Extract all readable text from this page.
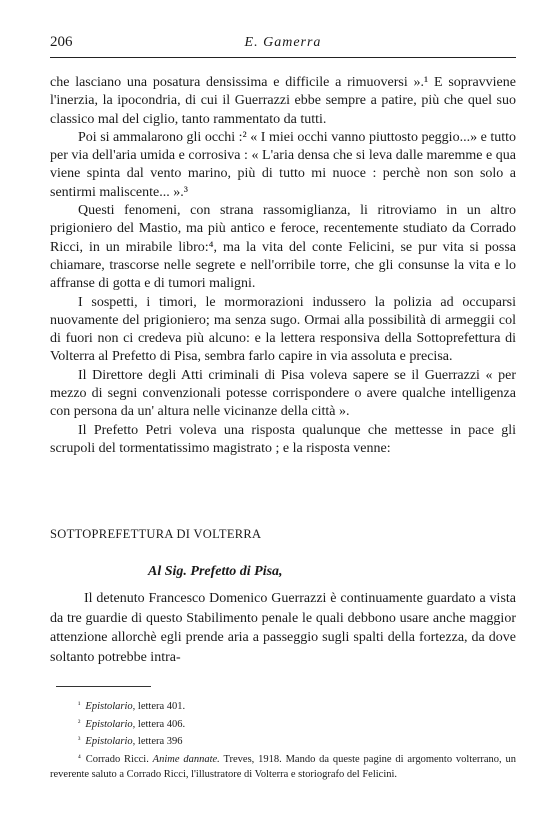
206	E. Gamerra

che lasciano una posatura densissima e difficile a rimuoversi ».¹ E sopravviene l'inerzia, la ipocondria, di cui il Guerrazzi ebbe sempre a patire, più che quel suo classico mal del ciglio, tanto rammentato da tutti.

Poi si ammalarono gli occhi :² « I miei occhi vanno piuttosto peggio...» e tutto per via dell'aria umida e corrosiva : « L'aria densa che si leva dalle maremme e qua viene spinta dal vento marino, più di tutto mi nuoce : perchè non son solo a sentirmi maliscente... ».³

Questi fenomeni, con strana rassomiglianza, li ritroviamo in un altro prigioniero del Mastio, ma più antico e feroce, recentemente studiato da Corrado Ricci, in un mirabile libro:⁴, ma la vita del conte Felicini, se pur vita si possa chiamare, trascorse nelle segrete e nell'orribile torre, che gli consunse la vita e lo affranse di gotta e di tumori maligni.

I sospetti, i timori, le mormorazioni indussero la polizia ad occuparsi nuovamente del prigioniero; ma senza sugo. Ormai alla possibilità di armeggii col di fuori non ci credeva più alcuno: e la lettera responsiva della Sottoprefettura di Volterra al Prefetto di Pisa, sembra farlo capire in via assoluta e precisa.

Il Direttore degli Atti criminali di Pisa voleva sapere se il Guerrazzi « per mezzo di segni convenzionali potesse corrispondere o avere qualche intelligenza con persona da un' altura nelle vicinanze della città ».

Il Prefetto Petri voleva una risposta qualunque che mettesse in pace gli scrupoli del tormentatissimo magistrato ; e la risposta venne:

SOTTOPREFETTURA DI VOLTERRA
Al Sig. Prefetto di Pisa,

Il detenuto Francesco Domenico Guerrazzi è continuamente guardato a vista da tre guardie di questo Stabilimento penale le quali debbono usare anche maggior attenzione allorchè egli prende aria a passeggio sugli spalti della fortezza, da dove soltanto potrebbe intra-

¹ Epistolario, lettera 401.

² Epistolario, lettera 406.

³ Epistolario, lettera 396

⁴ Corrado Ricci. Anime dannate. Treves, 1918. Mando da queste pagine di argomento volterrano, un reverente saluto a Corrado Ricci, l'illustratore di Volterra e storiografo del Felicini.
